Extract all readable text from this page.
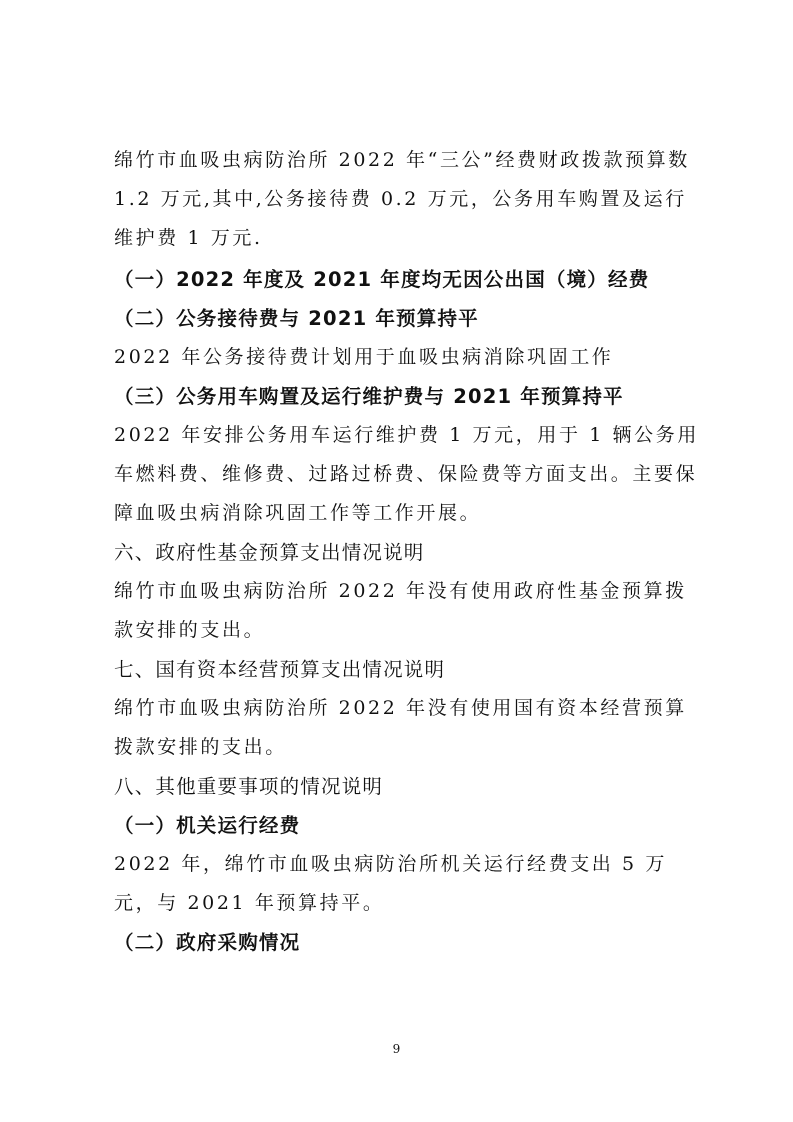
绵竹市血吸虫病防治所 2022 年“三公”经费财政拨款预算数 1.2 万元,其中,公务接待费 0.2 万元，公务用车购置及运行维护费 1 万元.

（一）2022 年度及 2021 年度均无因公出国（境）经费

（二）公务接待费与 2021 年预算持平

2022 年公务接待费计划用于血吸虫病消除巩固工作

（三）公务用车购置及运行维护费与 2021 年预算持平

2022 年安排公务用车运行维护费 1 万元，用于 1 辆公务用车燃料费、维修费、过路过桥费、保险费等方面支出。主要保障血吸虫病消除巩固工作等工作开展。

六、政府性基金预算支出情况说明

绵竹市血吸虫病防治所 2022 年没有使用政府性基金预算拨款安排的支出。

七、国有资本经营预算支出情况说明

绵竹市血吸虫病防治所 2022 年没有使用国有资本经营预算拨款安排的支出。

八、其他重要事项的情况说明

（一）机关运行经费

2022 年，绵竹市血吸虫病防治所机关运行经费支出 5 万元，与 2021 年预算持平。

（二）政府采购情况

9
